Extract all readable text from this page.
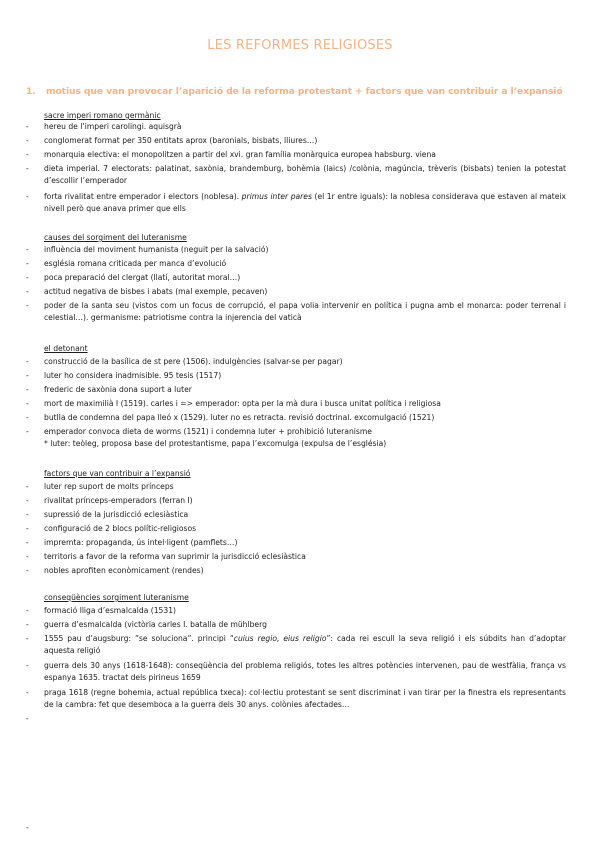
LES REFORMES RELIGIOSES
1. motius que van provocar l’aparició de la reforma protestant + factors que van contribuir a l’expansió
sacre imperi romano germànic
-	hereu de l’imperi carolingi. aquisgrà
-	conglomerat format per 350 entitats aprox (baronials, bisbats, lliures…)
-	monarquia electiva: el monopolitzen a partir del xvi. gran família monàrquica europea habsburg. viena
-	dieta imperial. 7 electorats: palatinat, saxònia, brandemburg, bohèmia (laics) /colònia, magúncia, trèveris (bisbats) tenien la potestat d’escollir l’emperador
-	forta rivalitat entre emperador i electors (noblesa). primus inter pares (el 1r entre iguals): la noblesa considerava que estaven al mateix nivell però que anava primer que ells
causes del sorgiment del luteranisme
-	influència del moviment humanista (neguit per la salvació)
-	església romana criticada per manca d’evolució
-	poca preparació del clergat (llatí, autoritat moral…)
-	actitud negativa de bisbes i abats (mal exemple, pecaven)
-	poder de la santa seu (vistos com un focus de corrupció, el papa volia intervenir en política i pugna amb el monarca: poder terrenal i celestial…). germanisme: patriotisme contra la injerencia del vaticà
el detonant
-	construcció de la basílica de st pere (1506). indulgències (salvar-se per pagar)
-	luter ho considera inadmisible. 95 tesis (1517)
-	frederic de saxònia dona suport a luter
-	mort de maximilià I (1519). carles i => emperador: opta per la mà dura i busca unitat política i religiosa
-	butlla de condemna del papa lleó x (1529). luter no es retracta. revisió doctrinal. excomulgació (1521)
-	emperador convoca dieta de worms (1521) i condemna luter + prohibició luteranisme
* luter: teòleg, proposa base del protestantisme, papa l’excomulga (expulsa de l’església)
factors que van contribuir a l’expansió
-	luter rep suport de molts prínceps
-	rivalitat prínceps-emperadors (ferran I)
-	supressió de la jurisdicció eclesiàstica
-	configuració de 2 blocs polític-religiosos
-	impremta: propaganda, ús intel·ligent (pamflets…)
-	territoris a favor de la reforma van suprimir la jurisdicció eclesiàstica
-	nobles aprofiten econòmicament (rendes)
conseqüències sorgiment luteranisme
-	formació lliga d’esmalcalda (1531)
-	guerra d’esmalcalda (victòria carles I. batalla de mühlberg
-	1555 pau d’augsburg: “se soluciona”. principi “cuius regio, eius religio”: cada rei escull la seva religió i els súbdits han d’adoptar aquesta religió
-	guerra dels 30 anys (1618-1648): conseqüència del problema religiós, totes les altres potències intervenen, pau de westfàlia, frança vs espanya 1635. tractat dels pirineus 1659
-	praga 1618 (regne bohemia, actual república txeca): col·lectiu protestant se sent discriminat i van tirar per la finestra els representants de la cambra: fet que desemboca a la guerra dels 30 anys. colònies afectades…
-
-
